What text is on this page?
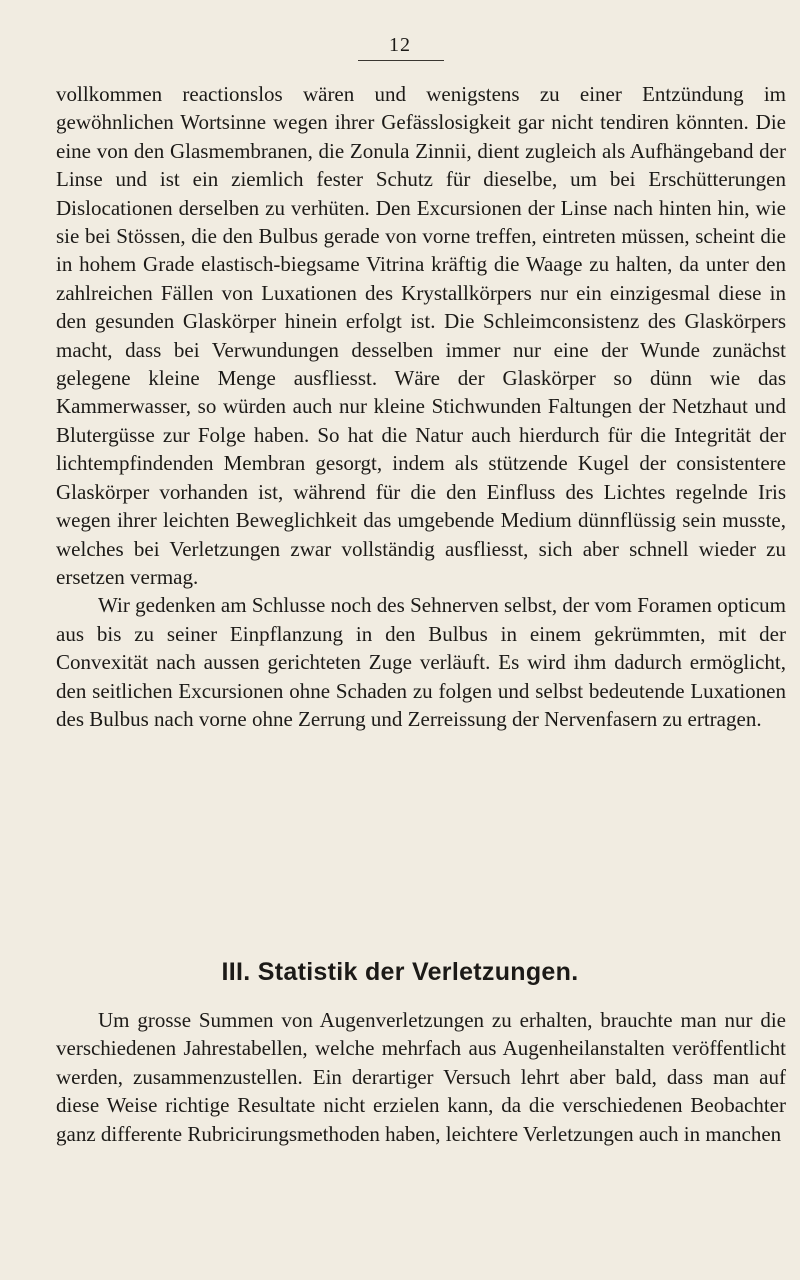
12

vollkommen reactionslos wären und wenigstens zu einer Entzündung im gewöhnlichen Wortsinne wegen ihrer Gefässlosigkeit gar nicht tendiren könnten. Die eine von den Glasmembranen, die Zonula Zinnii, dient zugleich als Aufhängeband der Linse und ist ein ziemlich fester Schutz für dieselbe, um bei Erschütterungen Dislocationen derselben zu verhüten. Den Excursionen der Linse nach hinten hin, wie sie bei Stössen, die den Bulbus gerade von vorne treffen, eintreten müssen, scheint die in hohem Grade elastisch-biegsame Vitrina kräftig die Waage zu halten, da unter den zahlreichen Fällen von Luxationen des Krystallkörpers nur ein einzigesmal diese in den gesunden Glaskörper hinein erfolgt ist. Die Schleimconsistenz des Glaskörpers macht, dass bei Verwundungen desselben immer nur eine der Wunde zunächst gelegene kleine Menge ausfliesst. Wäre der Glaskörper so dünn wie das Kammerwasser, so würden auch nur kleine Stichwunden Faltungen der Netzhaut und Blutergüsse zur Folge haben. So hat die Natur auch hierdurch für die Integrität der lichtempfindenden Membran gesorgt, indem als stützende Kugel der consistentere Glaskörper vorhanden ist, während für die den Einfluss des Lichtes regelnde Iris wegen ihrer leichten Beweglichkeit das umgebende Medium dünnflüssig sein musste, welches bei Verletzungen zwar vollständig ausfliesst, sich aber schnell wieder zu ersetzen vermag.

Wir gedenken am Schlusse noch des Sehnerven selbst, der vom Foramen opticum aus bis zu seiner Einpflanzung in den Bulbus in einem gekrümmten, mit der Convexität nach aussen gerichteten Zuge verläuft. Es wird ihm dadurch ermöglicht, den seitlichen Excursionen ohne Schaden zu folgen und selbst bedeutende Luxationen des Bulbus nach vorne ohne Zerrung und Zerreissung der Nervenfasern zu ertragen.

III. Statistik der Verletzungen.

Um grosse Summen von Augenverletzungen zu erhalten, brauchte man nur die verschiedenen Jahrestabellen, welche mehrfach aus Augenheilanstalten veröffentlicht werden, zusammenzustellen. Ein derartiger Versuch lehrt aber bald, dass man auf diese Weise richtige Resultate nicht erzielen kann, da die verschiedenen Beobachter ganz differente Rubricirungsmethoden haben, leichtere Verletzungen auch in manchen
